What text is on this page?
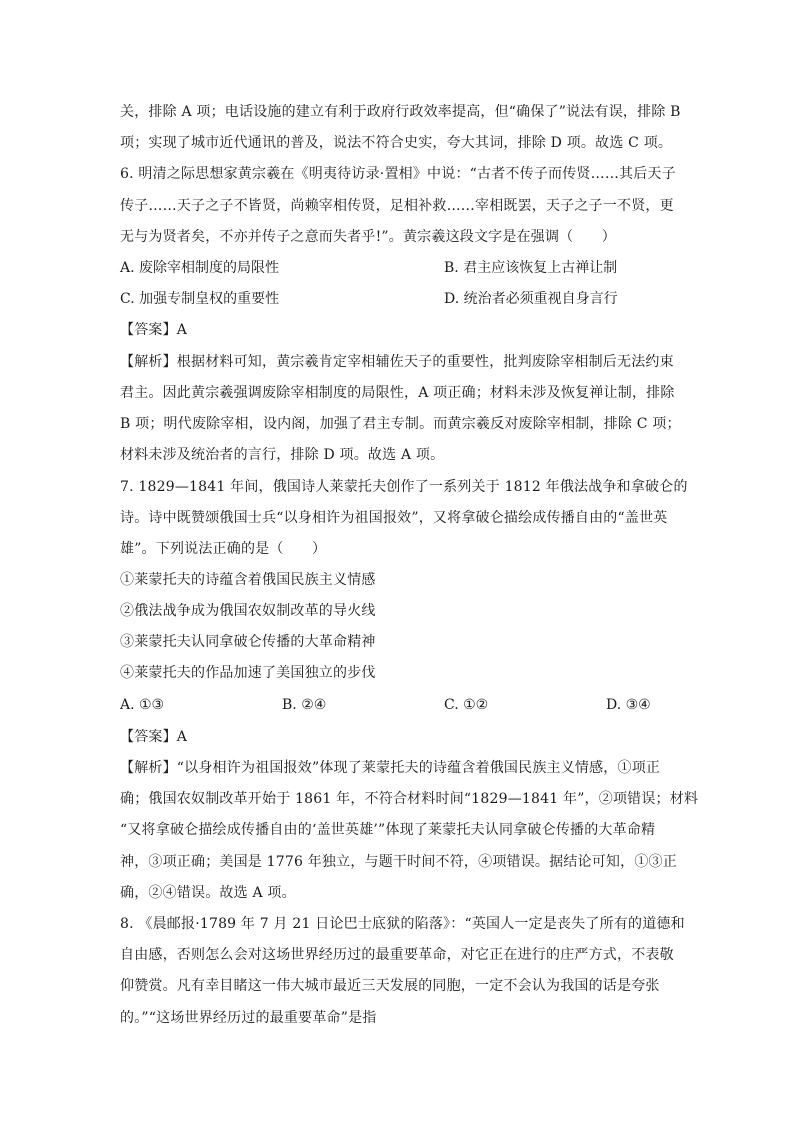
关，排除 A 项；电话设施的建立有利于政府行政效率提高，但“确保了”说法有误，排除 B
项；实现了城市近代通讯的普及，说法不符合史实，夸大其词，排除 D 项。故选 C 项。
6. 明清之际思想家黄宗羲在《明夷待访录·置相》中说：“古者不传子而传贤……其后天子
传子……天子之子不皆贤，尚赖宰相传贤，足相补救……宰相既罢，天子之子一不贤，更
无与为贤者矣，不亦并传子之意而失者乎!”。黄宗羲这段文字是在强调（　　）
A. 废除宰相制度的局限性	B. 君主应该恢复上古禅让制
C. 加强专制皇权的重要性	D. 统治者必须重视自身言行
【答案】A
【解析】根据材料可知，黄宗羲肯定宰相辅佐天子的重要性，批判废除宰相制后无法约束
君主。因此黄宗羲强调废除宰相制度的局限性，A 项正确；材料未涉及恢复禅让制，排除
B 项；明代废除宰相，设内阁，加强了君主专制。而黄宗羲反对废除宰相制，排除 C 项；
材料未涉及统治者的言行，排除 D 项。故选 A 项。
7. 1829—1841 年间，俄国诗人莱蒙托夫创作了一系列关于 1812 年俄法战争和拿破仑的
诗。诗中既赞颂俄国士兵“以身相许为祖国报效”，又将拿破仑描绘成传播自由的“盖世英
雄”。下列说法正确的是（　　）
①莱蒙托夫的诗蕴含着俄国民族主义情感
②俄法战争成为俄国农奴制改革的导火线
③莱蒙托夫认同拿破仑传播的大革命精神
④莱蒙托夫的作品加速了美国独立的步伐
A. ①③	B. ②④	C. ①②	D. ③④
【答案】A
【解析】“以身相许为祖国报效”体现了莱蒙托夫的诗蕴含着俄国民族主义情感，①项正
确；俄国农奴制改革开始于 1861 年，不符合材料时间“1829—1841 年”，②项错误；材料
“又将拿破仑描绘成传播自由的‘盖世英雄’”体现了莱蒙托夫认同拿破仑传播的大革命精
神，③项正确；美国是 1776 年独立，与题干时间不符，④项错误。据结论可知，①③正
确，②④错误。故选 A 项。
8. 《晨邮报·1789 年 7 月 21 日论巴士底狱的陷落》：“英国人一定是丧失了所有的道德和
自由感，否则怎么会对这场世界经历过的最重要革命，对它正在进行的庄严方式，不表敬
仰赞赏。凡有幸目睹这一伟大城市最近三天发展的同胞，一定不会认为我国的话是夸张
的。”“这场世界经历过的最重要革命”是指
